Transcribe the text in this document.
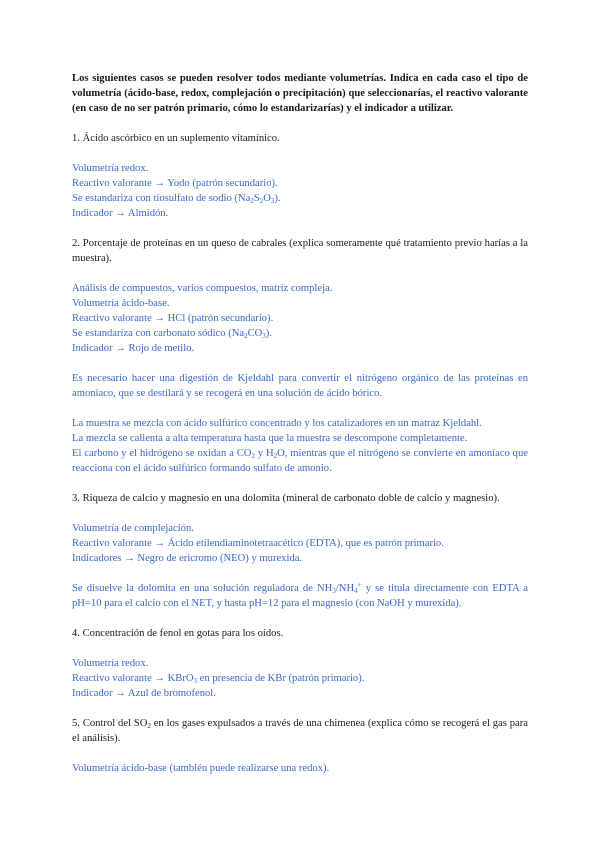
Los siguientes casos se pueden resolver todos mediante volumetrías. Indica en cada caso el tipo de volumetría (ácido-base, redox, complejación o precipitación) que seleccionarías, el reactivo valorante (en caso de no ser patrón primario, cómo lo estandarizarías) y el indicador a utilizar.

1. Ácido ascórbico en un suplemento vitamínico.

Volumetría redox.

Reactivo valorante → Yodo (patrón secundario).

Se estandariza con tiosulfato de sodio $(Na_2S_2O_3)$.

Indicador → Almidón.

2. Porcentaje de proteínas en un queso de cabrales (explica someramente qué tratamiento previo harías a la muestra).

Análisis de compuestos, varios compuestos, matriz compleja.

Volumetría ácido-base.

Reactivo valorante → HCl (patrón secundario).

Se estandariza con carbonato sódico $(Na_2CO_3)$.

Indicador → Rojo de metilo.

Es necesario hacer una digestión de Kjeldahl para convertir el nitrógeno orgánico de las proteínas en amoniaco, que se destilará y se recogerá en una solución de ácido bórico.

La muestra se mezcla con ácido sulfúrico concentrado y los catalizadores en un matraz Kjeldahl.

La mezcla se calienta a alta temperatura hasta que la muestra se descompone completamente.

El carbono y el hidrógeno se oxidan a $CO_2$ y $H_2O$, mientras que el nitrógeno se convierte en amoníaco que reacciona con el ácido sulfúrico formando sulfato de amonio.

3. Riqueza de calcio y magnesio en una dolomita (mineral de carbonato doble de calcio y magnesio).

Volumetría de complejación.

Reactivo valorante → Ácido etilendiaminotetraacético (EDTA), que es patrón primario.

Indicadores → Negro de ericromo (NEO) y murexida.

Se disuelve la dolomita en una solución reguladora de $NH_3/NH_4^+$ y se titula directamente con EDTA a pH=10 para el calcio con el NET, y hasta pH=12 para el magnesio (con NaOH y murexida).

4. Concentración de fenol en gotas para los oídos.

Volumetría redox.

Reactivo valorante → KBrO$_3$ en presencia de KBr (patrón primario).

Indicador → Azul de bromofenol.

5. Control del $SO_2$ en los gases expulsados a través de una chimenea (explica cómo se recogerá el gas para el análisis).

Volumetría ácido-base (también puede realizarse una redox).
